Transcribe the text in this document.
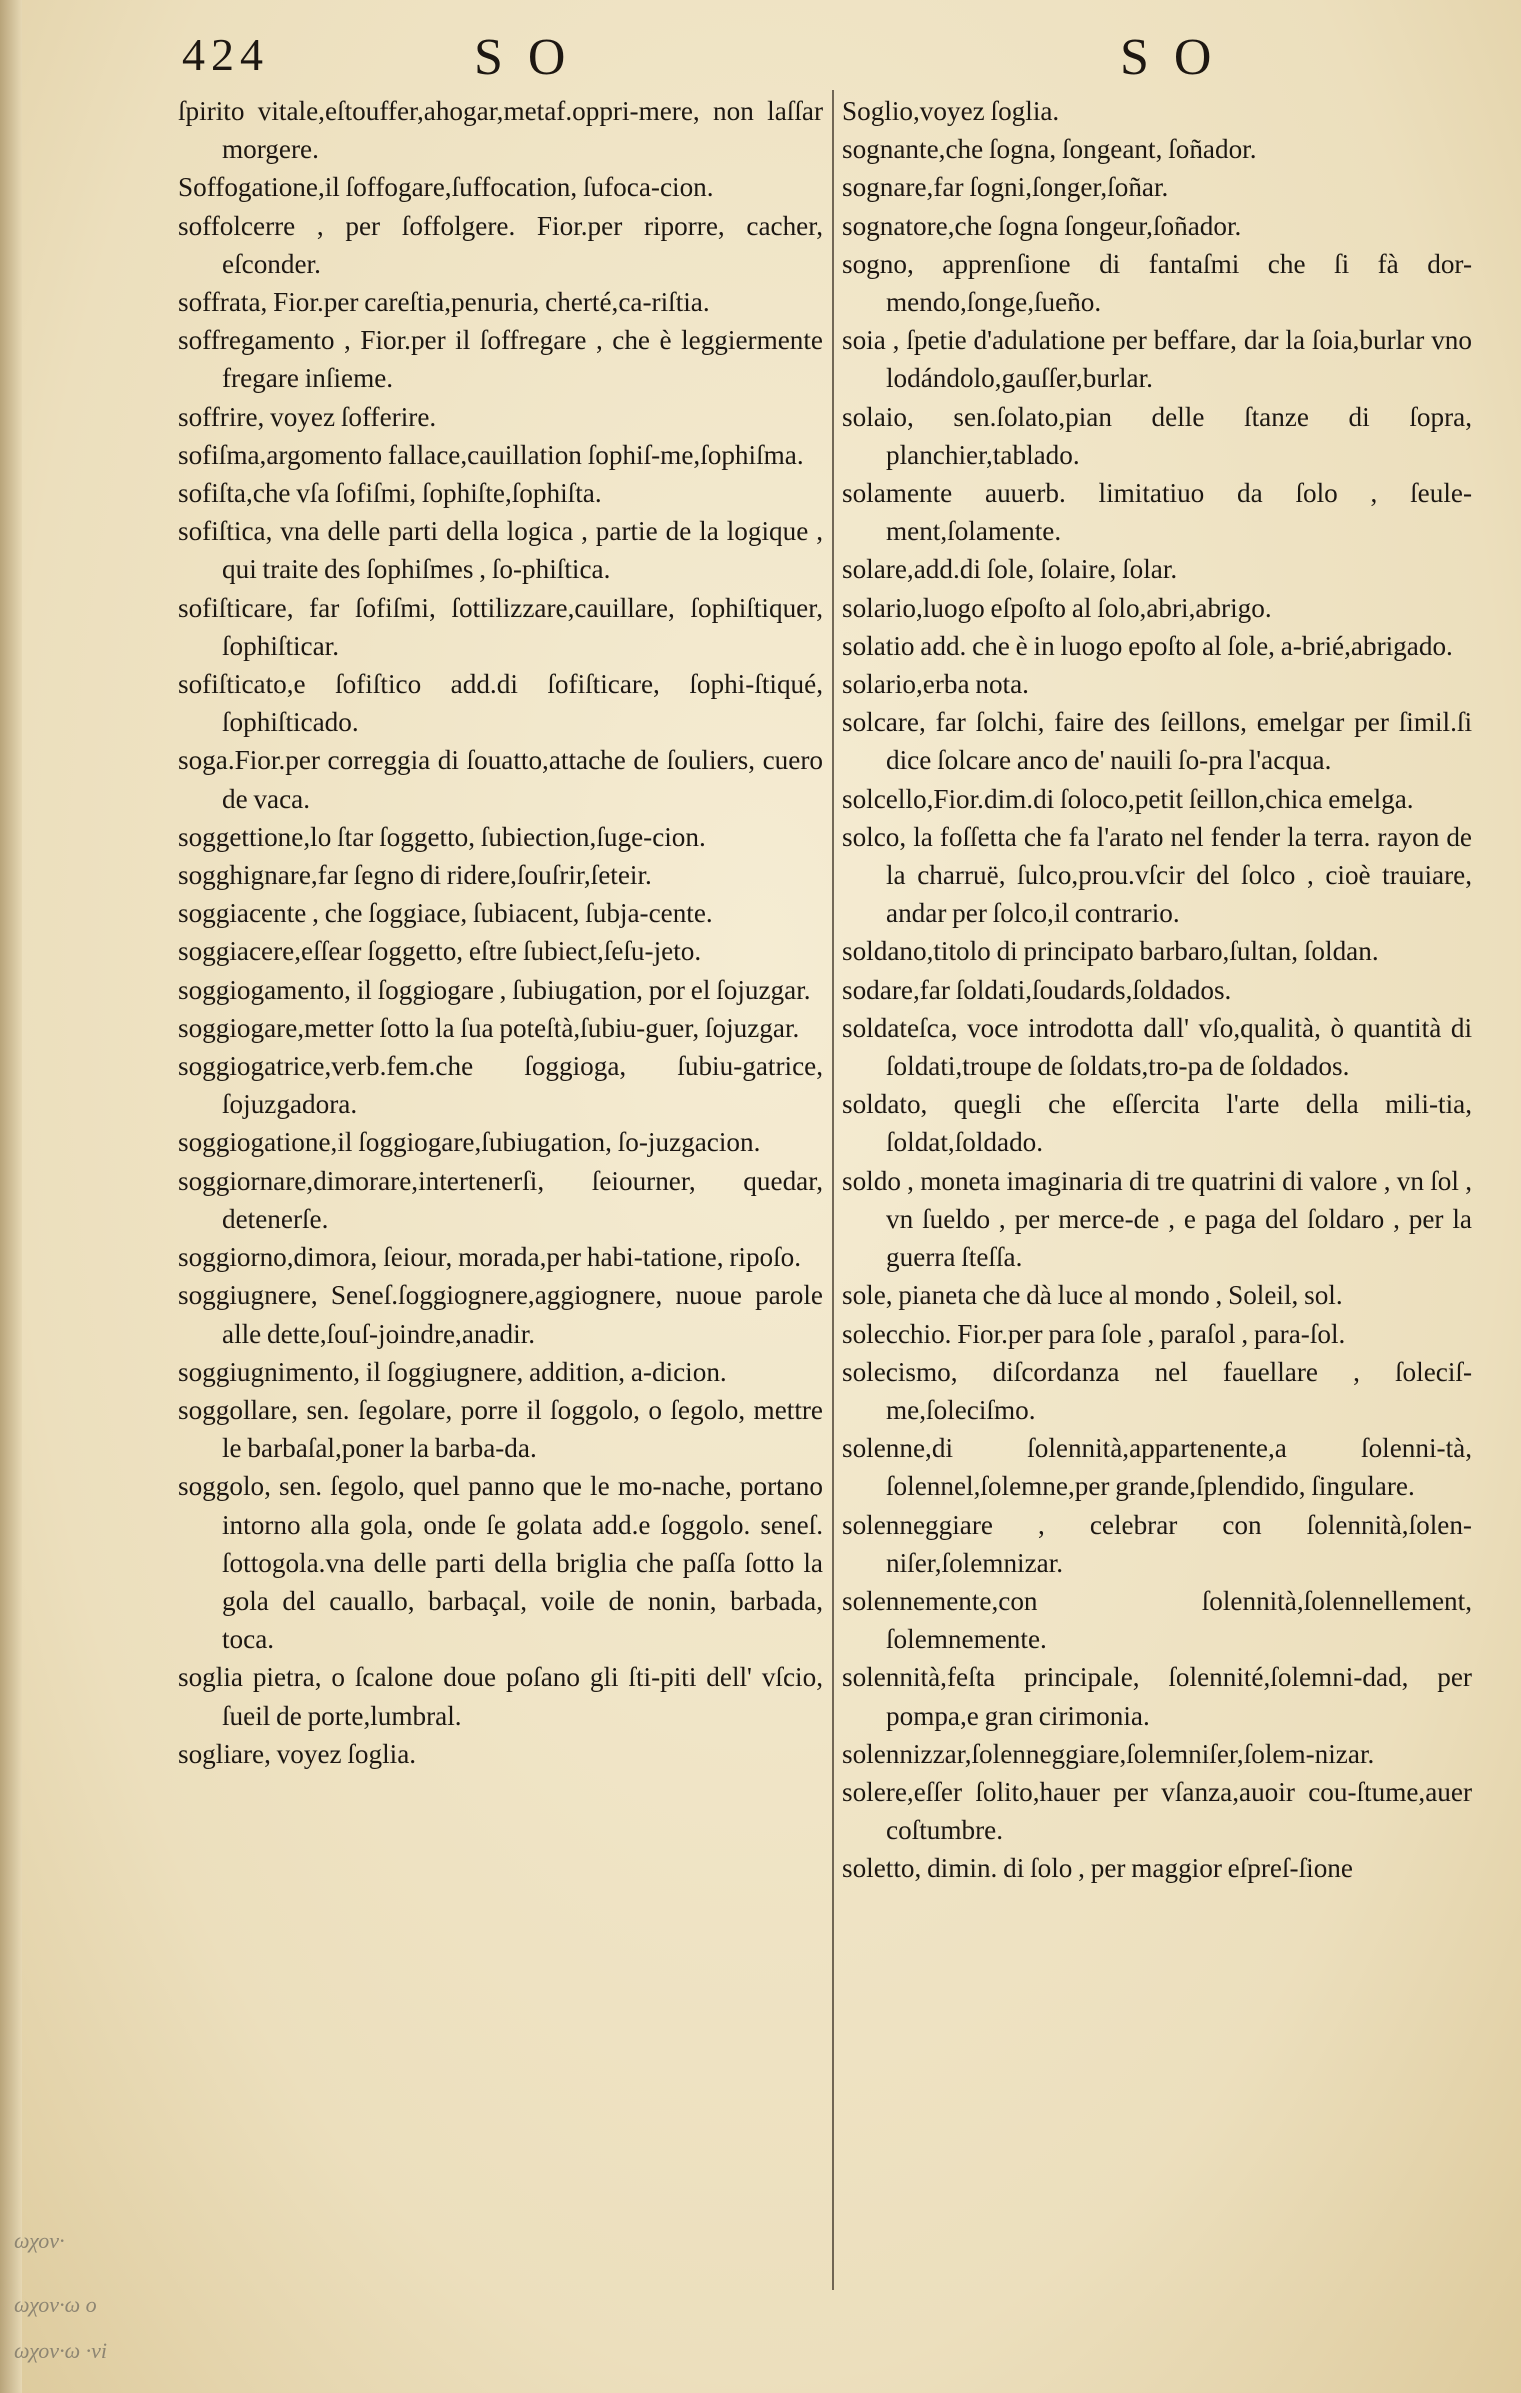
424	S O	S O
ſpirito vitale,eſtouffer,ahogar,metaf.oppri-mere, non laſſar morgere.
Soffogatione,il ſoffogare,ſuffocation, ſufoca-cion.
soffolcerre , per ſoffolgere. Fior.per riporre, cacher, eſconder.
soffrata, Fior.per careſtia,penuria, cherté,ca-riſtia.
soffregamento , Fior.per il ſoffregare , che è leggiermente fregare inſieme.
soffrire, voyez ſofferire.
sofiſma,argomento fallace,cauillation ſophiſ-me,ſophiſma.
sofiſta,che vſa ſofiſmi, ſophiſte,ſophiſta.
sofiſtica, vna delle parti della logica , partie de la logique , qui traite des ſophiſmes , ſo-phiſtica.
sofiſticare, far ſofiſmi, ſottilizzare,cauillare, ſophiſtiquer, ſophiſticar.
sofiſticato,e ſofiſtico add.di ſofiſticare, ſophi-ſtiqué, ſophiſticado.
soga.Fior.per correggia di ſouatto,attache de ſouliers, cuero de vaca.
soggettione,lo ſtar ſoggetto, ſubiection,ſuge-cion.
sogghignare,far ſegno di ridere,ſouſrir,ſeteir.
soggiacente , che ſoggiace, ſubiacent, ſubja-cente.
soggiacere,eſſear ſoggetto, eſtre ſubiect,ſeſu-jeto.
soggiogamento, il ſoggiogare , ſubiugation, por el ſojuzgar.
soggiogare,metter ſotto la ſua poteſtà,ſubiu-guer, ſojuzgar.
soggiogatrice,verb.fem.che ſoggioga, ſubiu-gatrice, ſojuzgadora.
soggiogatione,il ſoggiogare,ſubiugation, ſo-juzgacion.
soggiornare,dimorare,intertenerſi, ſeiourner, quedar, detenerſe.
soggiorno,dimora, ſeiour, morada,per habi-tatione, ripoſo.
soggiugnere, Seneſ.ſoggiognere,aggiognere, nuoue parole alle dette,ſouſ-joindre,anadir.
soggiugnimento, il ſoggiugnere, addition, a-dicion.
soggollare, sen. ſegolare, porre il ſoggolo, o ſegolo, mettre le barbaſal,poner la barba-da.
soggolo, sen. ſegolo, quel panno que le mo-nache, portano intorno alla gola, onde ſe golata add.e ſoggolo. seneſ. ſottogola.vna delle parti della briglia che paſſa ſotto la gola del cauallo, barbaçal, voile de nonin, barbada, toca.
soglia pietra, o ſcalone doue poſano gli ſti-piti dell' vſcio, ſueil de porte,lumbral.
sogliare, voyez ſoglia.
Soglio,voyez ſoglia.
sognante,che ſogna, ſongeant, ſoñador.
sognare,far ſogni,ſonger,ſoñar.
sognatore,che ſogna ſongeur,ſoñador.
sogno, apprenſione di fantaſmi che ſi fà dor-mendo,ſonge,ſueño.
soia , ſpetie d'adulatione per beffare, dar la ſoia,burlar vno lodándolo,gauſſer,burlar.
solaio, sen.ſolato,pian delle ſtanze di ſopra, planchier,tablado.
solamente auuerb. limitatiuo da ſolo , ſeule-ment,ſolamente.
solare,add.di ſole, ſolaire, ſolar.
solario,luogo eſpoſto al ſolo,abri,abrigo.
solatio add. che è in luogo epoſto al ſole, a-brié,abrigado.
solario,erba nota.
solcare, far ſolchi, faire des ſeillons, emelgar per ſimil.ſi dice ſolcare anco de' nauili ſo-pra l'acqua.
solcello,Fior.dim.di ſoloco,petit ſeillon,chica emelga.
solco, la foſſetta che fa l'arato nel fender la terra. rayon de la charruë, ſulco,prou.vſcir del ſolco , cioè trauiare, andar per ſolco,il contrario.
soldano,titolo di principato barbaro,ſultan, ſoldan.
sodare,far ſoldati,ſoudards,ſoldados.
soldateſca, voce introdotta dall' vſo,qualità, ò quantità di ſoldati,troupe de ſoldats,tro-pa de ſoldados.
soldato, quegli che eſſercita l'arte della mili-tia, ſoldat,ſoldado.
soldo , moneta imaginaria di tre quatrini di valore , vn ſol , vn ſueldo , per merce-de , e paga del ſoldaro , per la guerra ſteſſa.
sole, pianeta che dà luce al mondo , Soleil, sol.
solecchio. Fior.per para ſole , paraſol , para-ſol.
solecismo, diſcordanza nel fauellare , ſoleciſ-me,ſoleciſmo.
solenne,di ſolennità,appartenente,a ſolenni-tà, ſolennel,ſolemne,per grande,ſplendido, ſingulare.
solenneggiare , celebrar con ſolennità,ſolen-niſer,ſolemnizar.
solennemente,con ſolennità,ſolennellement, ſolemnemente.
solennità,feſta principale, ſolennité,ſolemni-dad, per pompa,e gran cirimonia.
solennizzar,ſolenneggiare,ſolemniſer,ſolem-nizar.
solere,eſſer ſolito,hauer per vſanza,auoir cou-ſtume,auer coſtumbre.
soletto, dimin. di ſolo , per maggior eſpreſ-ſione
ωχον·
ωχον·ω ο
ωχον·ω ·vi
